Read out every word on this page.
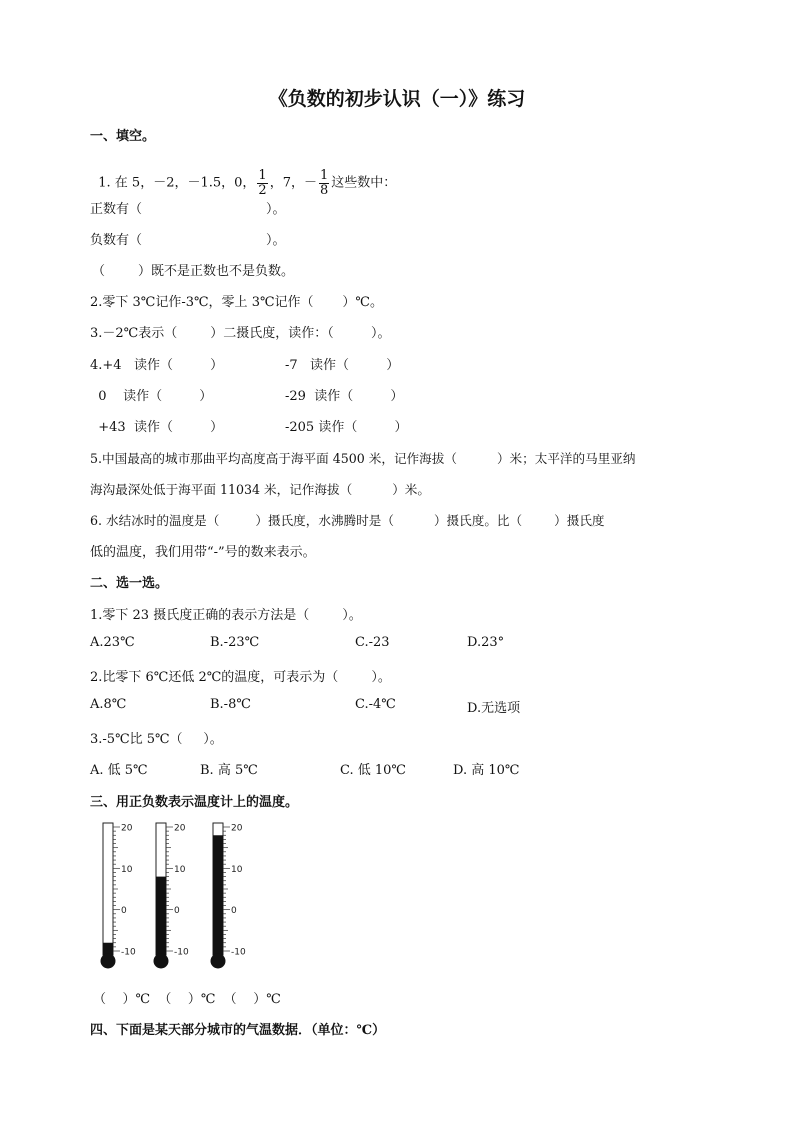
《负数的初步认识（一）》练习
一、填空。

1. 在 5，－2，－1.5，0， $\frac{1}{2}$ ，7，－ $\frac{1}{8}$ 这些数中：

正数有（                              ）。
负数有（                              ）。
（        ）既不是正数也不是负数。
2.零下 3℃记作-3℃，零上 3℃记作（       ）℃。
3.－2℃表示（        ）二摄氏度，读作：（         ）。
4.+4   读作（         ）	-7   读作（         ）
0    读作（         ）	-29  读作（         ）
+43  读作（         ）	-205 读作（         ）
5.中国最高的城市那曲平均高度高于海平面 4500 米，记作海拔（          ）米；太平洋的马里亚纳
海沟最深处低于海平面 11034 米，记作海拔（          ）米。
6. 水结冰时的温度是（         ）摄氏度，水沸腾时是（          ）摄氏度。比（        ）摄氏度
低的温度，我们用带“-”号的数来表示。
二、选一选。
1.零下 23 摄氏度正确的表示方法是（        ）。
A.23℃	B.-23℃	C.-23	D.23°
2.比零下 6℃还低 2℃的温度，可表示为（        ）。
A.8℃	B.-8℃	C.-4℃	D.无选项
3.-5℃比 5℃（     ）。
A. 低 5℃	B. 高 5℃	C. 低 10℃	D. 高 10℃
三、用正负数表示温度计上的温度。
20
10
0
-10
20
10
0
-10
20
10
0
-10
（    ）℃  （    ）℃  （    ）℃
四、下面是某天部分城市的气温数据．（单位：℃）
